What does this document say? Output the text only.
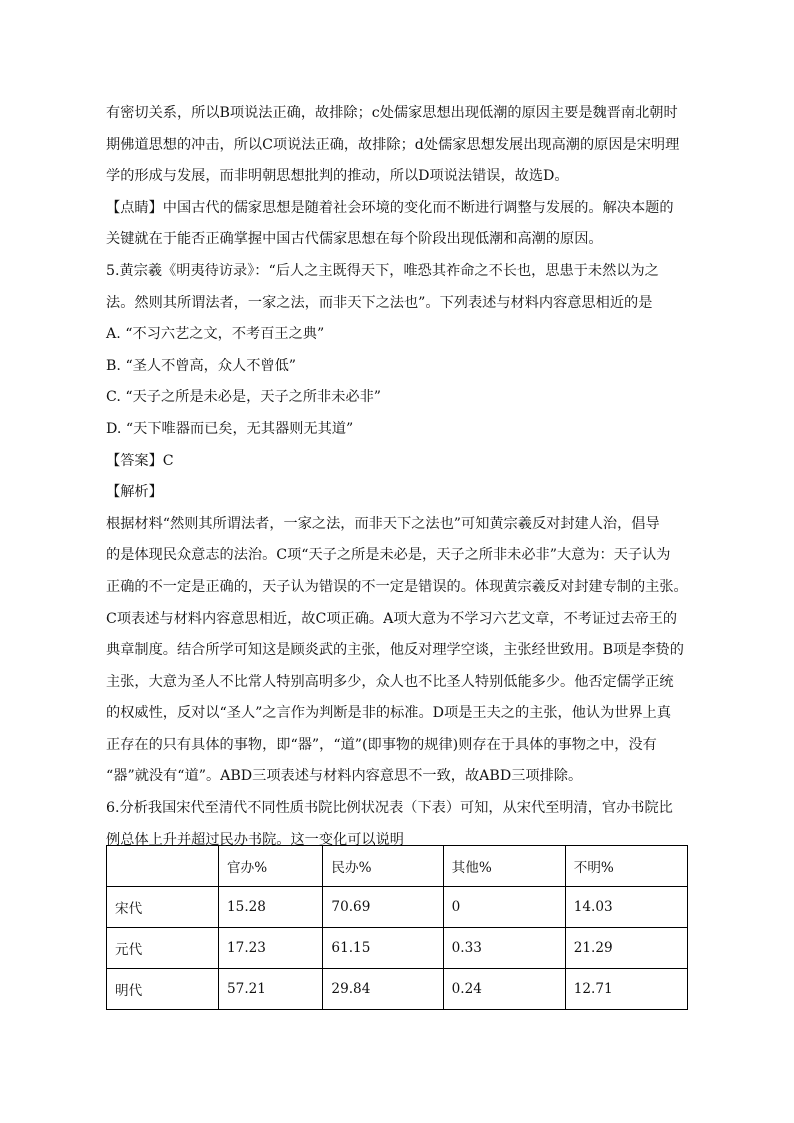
有密切关系，所以B项说法正确，故排除；c处儒家思想出现低潮的原因主要是魏晋南北朝时

期佛道思想的冲击，所以C项说法正确，故排除；d处儒家思想发展出现高潮的原因是宋明理

学的形成与发展，而非明朝思想批判的推动，所以D项说法错误，故选D。

【点睛】中国古代的儒家思想是随着社会环境的变化而不断进行调整与发展的。解决本题的

关键就在于能否正确掌握中国古代儒家思想在每个阶段出现低潮和高潮的原因。

5.黄宗羲《明夷待访录》：“后人之主既得天下，唯恐其祚命之不长也，思患于未然以为之

法。然则其所谓法者，一家之法，而非天下之法也”。下列表述与材料内容意思相近的是

A. “不习六艺之文，不考百王之典”

B. “圣人不曾高，众人不曾低”

C. “天子之所是未必是，天子之所非未必非”

D. “天下唯器而已矣，无其器则无其道”

【答案】C

【解析】

根据材料“然则其所谓法者，一家之法，而非天下之法也”可知黄宗羲反对封建人治，倡导

的是体现民众意志的法治。C项“天子之所是未必是，天子之所非未必非”大意为：天子认为

正确的不一定是正确的，天子认为错误的不一定是错误的。体现黄宗羲反对封建专制的主张。

C项表述与材料内容意思相近，故C项正确。A项大意为不学习六艺文章，不考证过去帝王的

典章制度。结合所学可知这是顾炎武的主张，他反对理学空谈，主张经世致用。B项是李贽的

主张，大意为圣人不比常人特别高明多少，众人也不比圣人特别低能多少。他否定儒学正统

的权威性，反对以“圣人”之言作为判断是非的标准。D项是王夫之的主张，他认为世界上真

正存在的只有具体的事物，即“器”，“道”(即事物的规律)则存在于具体的事物之中，没有

“器”就没有“道”。ABD三项表述与材料内容意思不一致，故ABD三项排除。

6.分析我国宋代至清代不同性质书院比例状况表（下表）可知，从宋代至明清，官办书院比

例总体上升并超过民办书院。这一变化可以说明

	官办%	民办%	其他%	不明%
宋代	15.28	70.69	0	14.03
元代	17.23	61.15	0.33	21.29
明代	57.21	29.84	0.24	12.71
